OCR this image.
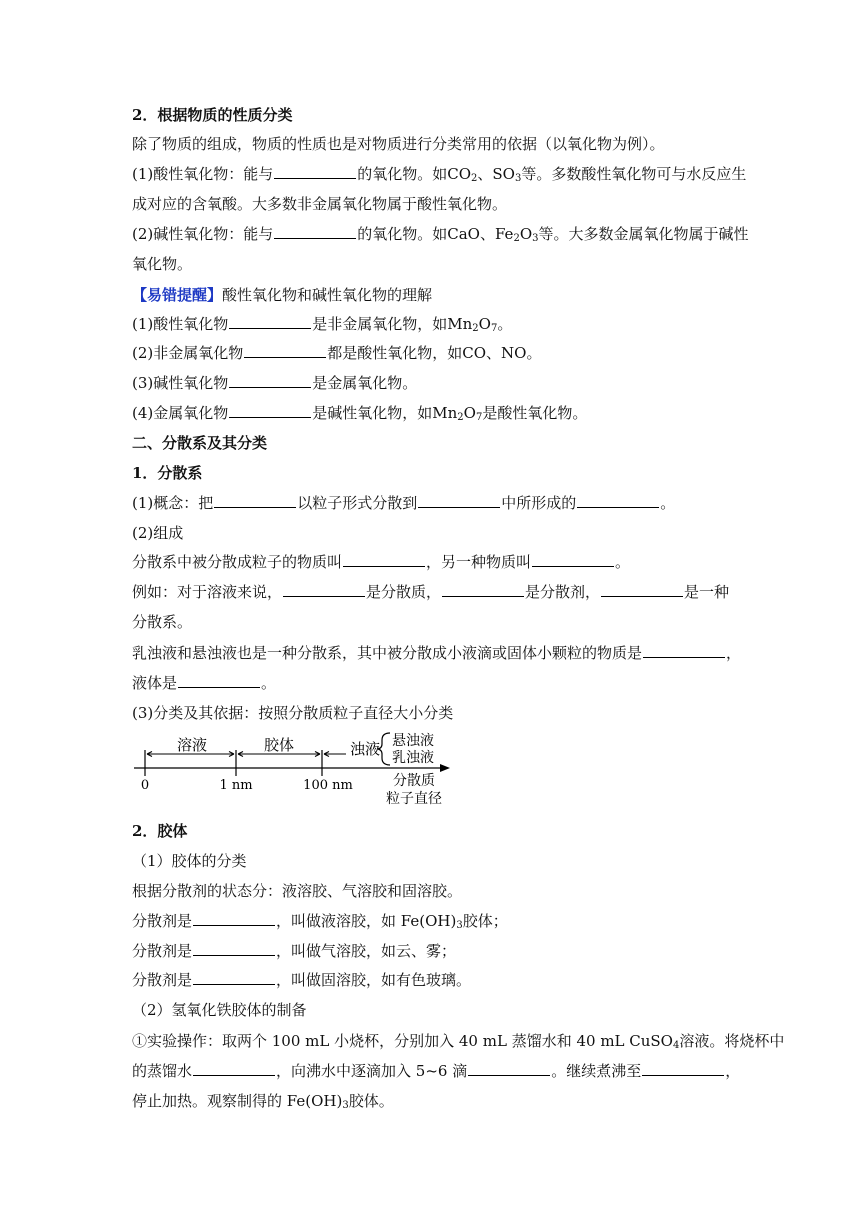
2．根据物质的性质分类
除了物质的组成，物质的性质也是对物质进行分类常用的依据（以氧化物为例）。
(1)酸性氧化物：能与	的氧化物。如$CO_2$、$SO_3$等。多数酸性氧化物可与水反应生
成对应的含氧酸。大多数非金属氧化物属于酸性氧化物。
(2)碱性氧化物：能与	的氧化物。如CaO、$Fe_2O_3$等。大多数金属氧化物属于碱性
氧化物。
【易错提醒】酸性氧化物和碱性氧化物的理解
(1)酸性氧化物	是非金属氧化物，如$Mn_2O_7$。
(2)非金属氧化物	都是酸性氧化物，如CO、NO。
(3)碱性氧化物	是金属氧化物。
(4)金属氧化物	是碱性氧化物，如$Mn_2O_7$是酸性氧化物。
二、分散系及其分类
1．分散系
(1)概念：把	以粒子形式分散到	中所形成的	。
(2)组成
分散系中被分散成粒子的物质叫	，另一种物质叫	。
例如：对于溶液来说，	是分散质，	是分散剂，	是一种
分散系。
乳浊液和悬浊液也是一种分散系，其中被分散成小液滴或固体小颗粒的物质是	，
液体是	。
(3)分类及其依据：按照分散质粒子直径大小分类
溶液	胶体	浊液 悬浊液
乳浊液
0	1 nm	100 nm	分散质
粒子直径
2．胶体
（1）胶体的分类
根据分散剂的状态分：液溶胶、气溶胶和固溶胶。
分散剂是	，叫做液溶胶，如 $Fe(OH)_3$胶体；
分散剂是	，叫做气溶胶，如云、雾；
分散剂是	，叫做固溶胶，如有色玻璃。
（2）氢氧化铁胶体的制备
①实验操作：取两个 100 mL 小烧杯，分别加入 40 mL 蒸馏水和 40 mL CuSO$_4$溶液。将烧杯中
的蒸馏水	，向沸水中逐滴加入 5~6 滴	。继续煮沸至	，
停止加热。观察制得的 $Fe(OH)_3$胶体。
